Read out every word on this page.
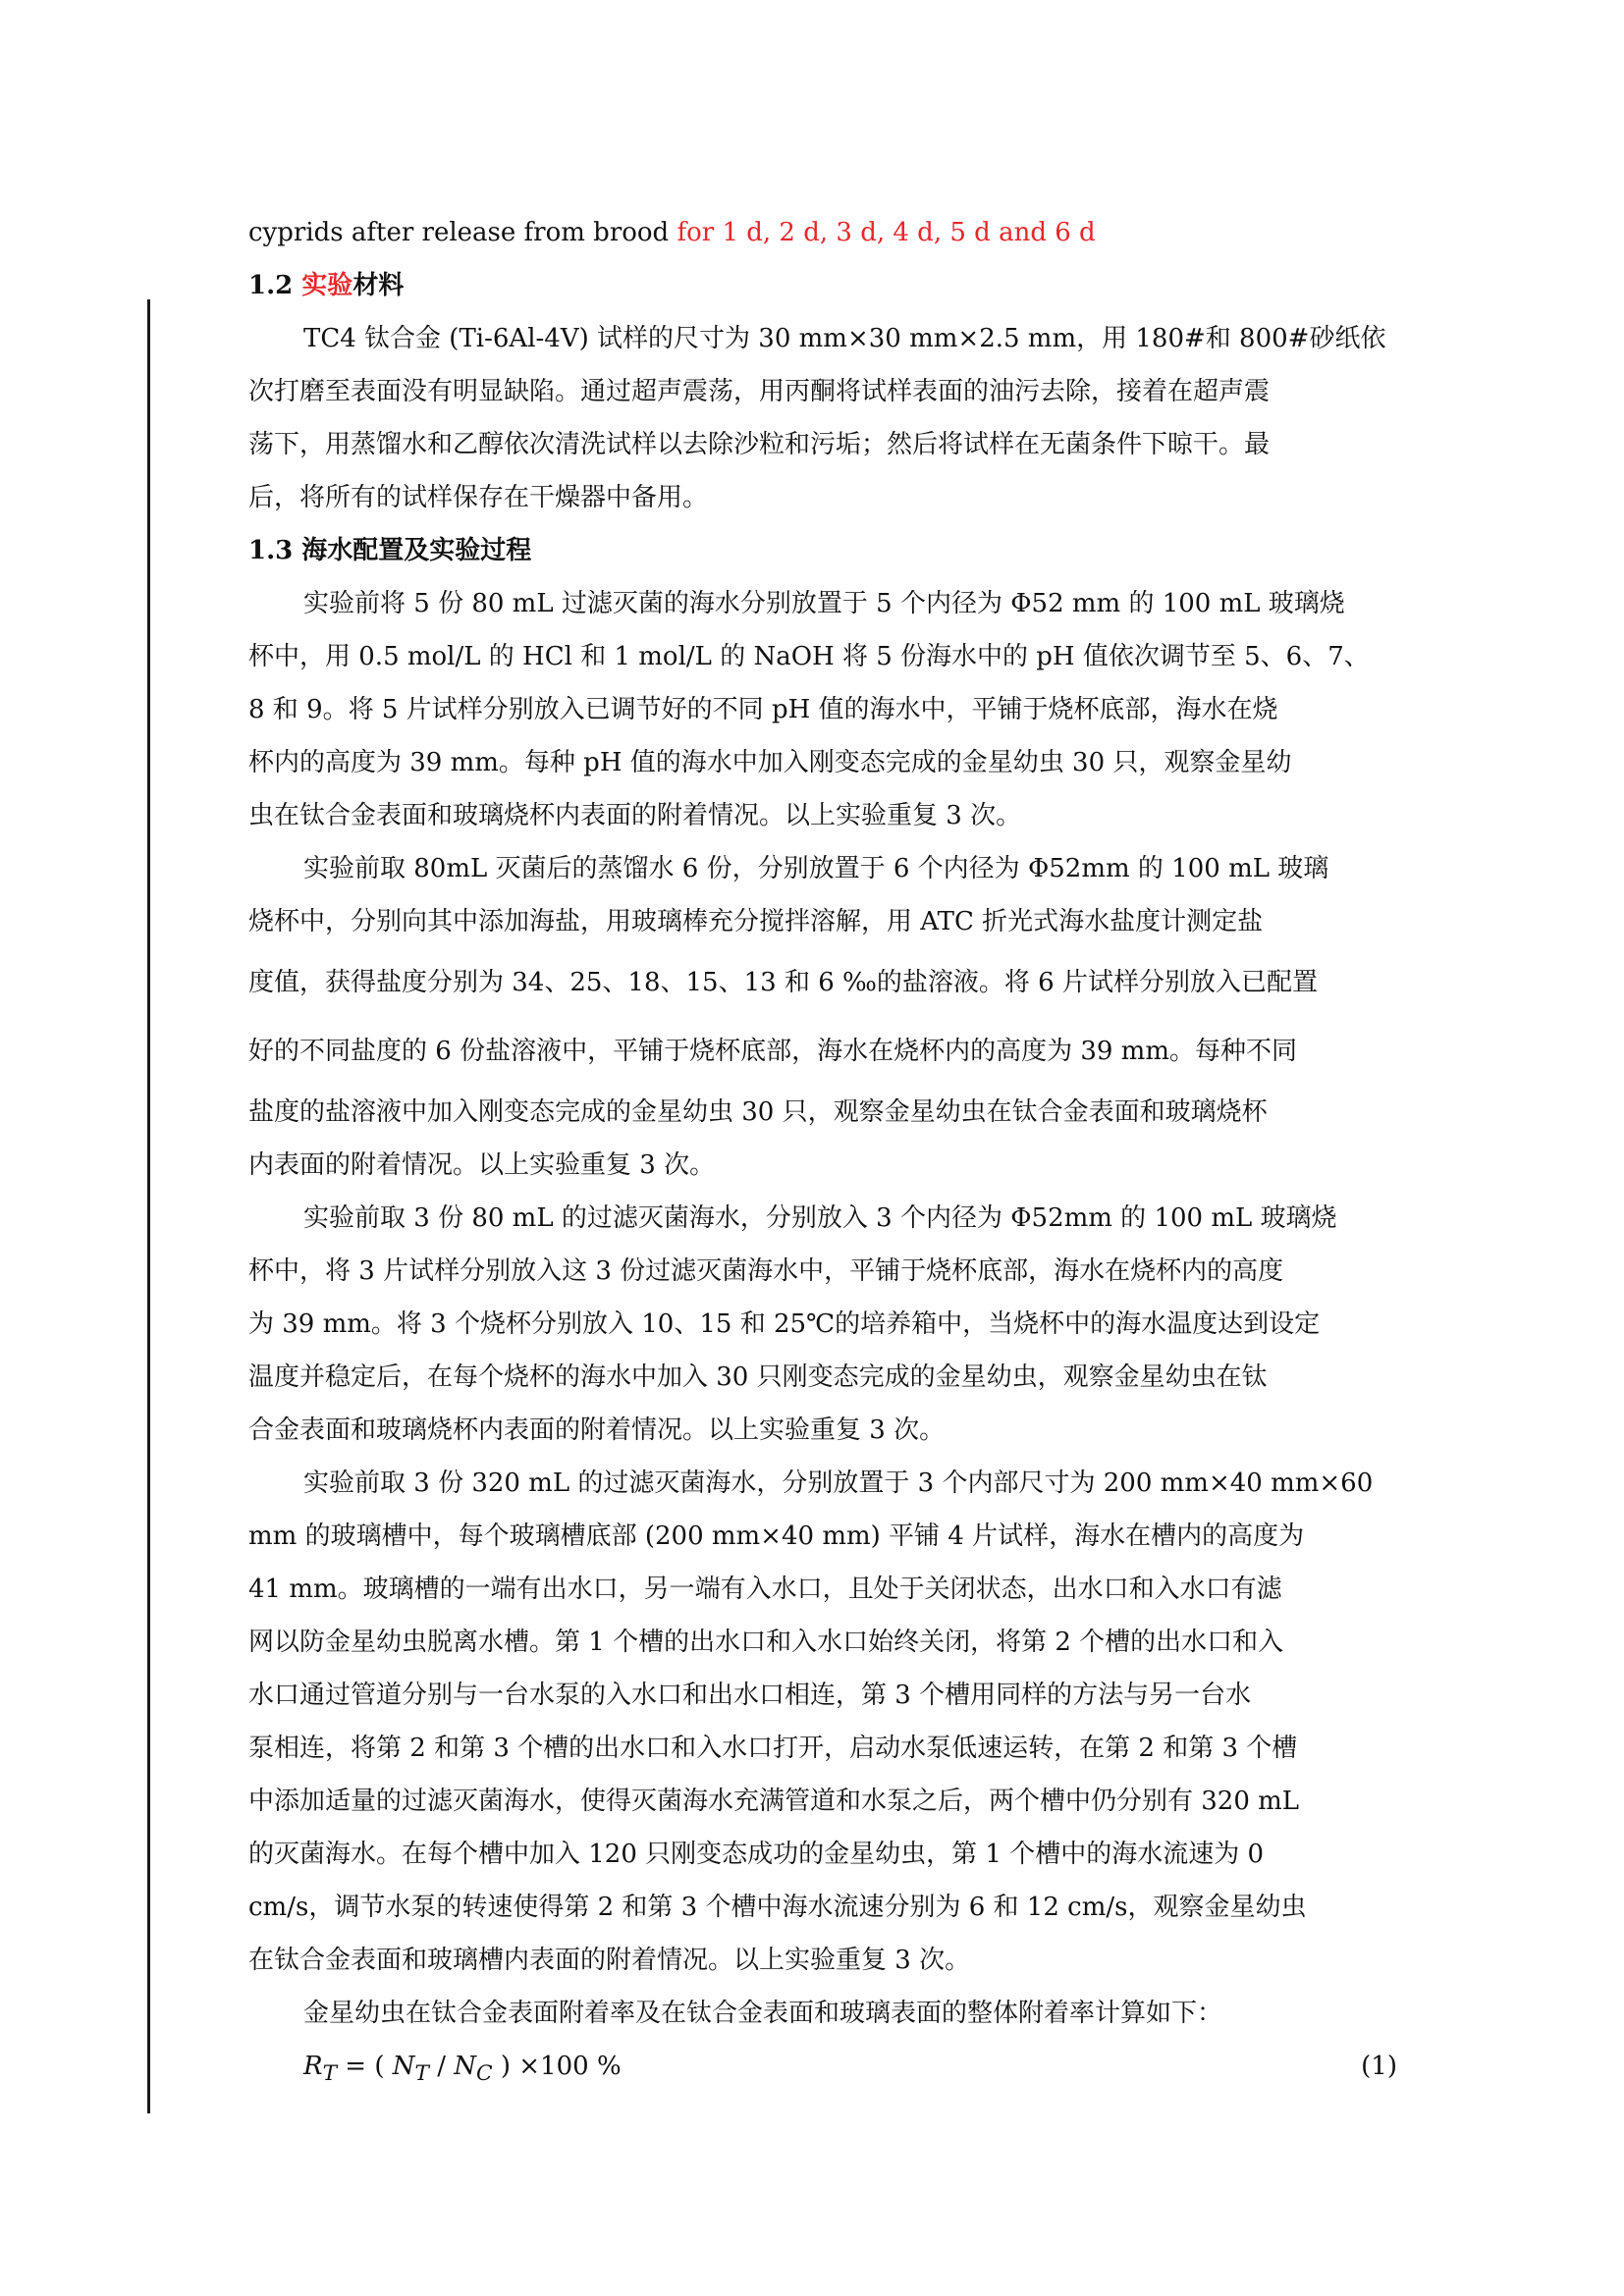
cyprids after release from brood for 1 d, 2 d, 3 d, 4 d, 5 d and 6 d
1.2 实验材料
TC4 钛合金 (Ti-6Al-4V) 试样的尺寸为 30 mm×30 mm×2.5 mm，用 180#和 800#砂纸依
次打磨至表面没有明显缺陷。通过超声震荡，用丙酮将试样表面的油污去除，接着在超声震
荡下，用蒸馏水和乙醇依次清洗试样以去除沙粒和污垢；然后将试样在无菌条件下晾干。最
后，将所有的试样保存在干燥器中备用。
1.3 海水配置及实验过程
实验前将 5 份 80 mL 过滤灭菌的海水分别放置于 5 个内径为 Φ52 mm 的 100 mL 玻璃烧
杯中，用 0.5 mol/L 的 HCl 和 1 mol/L 的 NaOH 将 5 份海水中的 pH 值依次调节至 5、6、7、
8 和 9。将 5 片试样分别放入已调节好的不同 pH 值的海水中，平铺于烧杯底部，海水在烧
杯内的高度为 39 mm。每种 pH 值的海水中加入刚变态完成的金星幼虫 30 只，观察金星幼
虫在钛合金表面和玻璃烧杯内表面的附着情况。以上实验重复 3 次。
实验前取 80mL 灭菌后的蒸馏水 6 份，分别放置于 6 个内径为 Φ52mm 的 100 mL 玻璃
烧杯中，分别向其中添加海盐，用玻璃棒充分搅拌溶解，用 ATC 折光式海水盐度计测定盐
度值，获得盐度分别为 34、25、18、15、13 和 6 ‰的盐溶液。将 6 片试样分别放入已配置
好的不同盐度的 6 份盐溶液中，平铺于烧杯底部，海水在烧杯内的高度为 39 mm。每种不同
盐度的盐溶液中加入刚变态完成的金星幼虫 30 只，观察金星幼虫在钛合金表面和玻璃烧杯
内表面的附着情况。以上实验重复 3 次。
实验前取 3 份 80 mL 的过滤灭菌海水，分别放入 3 个内径为 Φ52mm 的 100 mL 玻璃烧
杯中，将 3 片试样分别放入这 3 份过滤灭菌海水中，平铺于烧杯底部，海水在烧杯内的高度
为 39 mm。将 3 个烧杯分别放入 10、15 和 25℃的培养箱中，当烧杯中的海水温度达到设定
温度并稳定后，在每个烧杯的海水中加入 30 只刚变态完成的金星幼虫，观察金星幼虫在钛
合金表面和玻璃烧杯内表面的附着情况。以上实验重复 3 次。
实验前取 3 份 320 mL 的过滤灭菌海水，分别放置于 3 个内部尺寸为 200 mm×40 mm×60
mm 的玻璃槽中，每个玻璃槽底部 (200 mm×40 mm) 平铺 4 片试样，海水在槽内的高度为
41 mm。玻璃槽的一端有出水口，另一端有入水口，且处于关闭状态，出水口和入水口有滤
网以防金星幼虫脱离水槽。第 1 个槽的出水口和入水口始终关闭，将第 2 个槽的出水口和入
水口通过管道分别与一台水泵的入水口和出水口相连，第 3 个槽用同样的方法与另一台水
泵相连，将第 2 和第 3 个槽的出水口和入水口打开，启动水泵低速运转，在第 2 和第 3 个槽
中添加适量的过滤灭菌海水，使得灭菌海水充满管道和水泵之后，两个槽中仍分别有 320 mL
的灭菌海水。在每个槽中加入 120 只刚变态成功的金星幼虫，第 1 个槽中的海水流速为 0
cm/s，调节水泵的转速使得第 2 和第 3 个槽中海水流速分别为 6 和 12 cm/s，观察金星幼虫
在钛合金表面和玻璃槽内表面的附着情况。以上实验重复 3 次。
金星幼虫在钛合金表面附着率及在钛合金表面和玻璃表面的整体附着率计算如下：
$R_T$ = ( $N_T / N_C$ ) ×100 %	(1)
